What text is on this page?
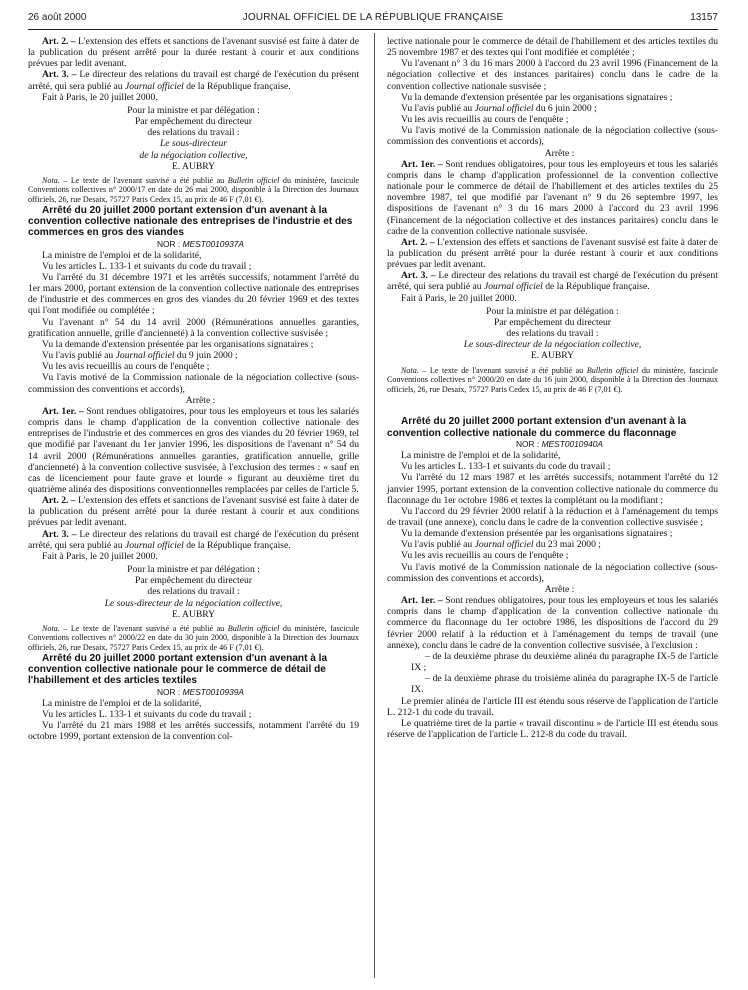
26 août 2000	JOURNAL OFFICIEL DE LA RÉPUBLIQUE FRANÇAISE	13157

Art. 2. – L'extension des effets et sanctions de l'avenant susvisé est faite à dater de la publication du présent arrêté pour la durée restant à courir et aux conditions prévues par ledit avenant.

Art. 3. – Le directeur des relations du travail est chargé de l'exécution du présent arrêté, qui sera publié au Journal officiel de la République française.

Fait à Paris, le 20 juillet 2000.

Pour la ministre et par délégation :

Par empêchement du directeur

des relations du travail :

Le sous-directeur

de la négociation collective,

E. AUBRY

Nota. – Le texte de l'avenant susvisé a été publié au Bulletin officiel du ministère, fascicule Conventions collectives n° 2000/17 en date du 26 mai 2000, disponible à la Direction des Journaux officiels, 26, rue Desaix, 75727 Paris Cedex 15, au prix de 46 F (7,01 €).

Arrêté du 20 juillet 2000 portant extension d'un avenant à la convention collective nationale des entreprises de l'industrie et des commerces en gros des viandes

NOR : MEST0010937A

La ministre de l'emploi et de la solidarité,

Vu les articles L. 133-1 et suivants du code du travail ;

Vu l'arrêté du 31 décembre 1971 et les arrêtés successifs, notamment l'arrêté du 1er mars 2000, portant extension de la convention collective nationale des entreprises de l'industrie et des commerces en gros des viandes du 20 février 1969 et des textes qui l'ont modifiée ou complétée ;

Vu l'avenant n° 54 du 14 avril 2000 (Rémunérations annuelles garanties, gratification annuelle, grille d'ancienneté) à la convention collective susvisée ;

Vu la demande d'extension présentée par les organisations signataires ;

Vu l'avis publié au Journal officiel du 9 juin 2000 ;

Vu les avis recueillis au cours de l'enquête ;

Vu l'avis motivé de la Commission nationale de la négociation collective (sous-commission des conventions et accords),

Arrête :

Art. 1er. – Sont rendues obligatoires, pour tous les employeurs et tous les salariés compris dans le champ d'application de la convention collective nationale des entreprises de l'industrie et des commerces en gros des viandes du 20 février 1969, tel que modifié par l'avenant du 1er janvier 1996, les dispositions de l'avenant n° 54 du 14 avril 2000 (Rémunérations annuelles garanties, gratification annuelle, grille d'ancienneté) à la convention collective susvisée, à l'exclusion des termes : « sauf en cas de licenciement pour faute grave et lourde » figurant au deuxième tiret du quatrième alinéa des dispositions conventionnelles remplacées par celles de l'article 5.

Art. 2. – L'extension des effets et sanctions de l'avenant susvisé est faite à dater de la publication du présent arrêté pour la durée restant à courir et aux conditions prévues par ledit avenant.

Art. 3. – Le directeur des relations du travail est chargé de l'exécution du présent arrêté, qui sera publié au Journal officiel de la République française.

Fait à Paris, le 20 juillet 2000.

Pour la ministre et par délégation :

Par empêchement du directeur

des relations du travail :

Le sous-directeur de la négociation collective,

E. AUBRY

Nota. – Le texte de l'avenant susvisé a été publié au Bulletin officiel du ministère, fascicule Conventions collectives n° 2000/22 en date du 30 juin 2000, disponible à la Direction des Journaux officiels, 26, rue Desaix, 75727 Paris Cedex 15, au prix de 46 F (7,01 €).

Arrêté du 20 juillet 2000 portant extension d'un avenant à la convention collective nationale pour le commerce de détail de l'habillement et des articles textiles

NOR : MEST0010939A

La ministre de l'emploi et de la solidarité,

Vu les articles L. 133-1 et suivants du code du travail ;

Vu l'arrêté du 21 mars 1988 et les arrêtés successifs, notamment l'arrêté du 19 octobre 1999, portant extension de la convention col-

lective nationale pour le commerce de détail de l'habillement et des articles textiles du 25 novembre 1987 et des textes qui l'ont modifiée et complétée ;

Vu l'avenant n° 3 du 16 mars 2000 à l'accord du 23 avril 1996 (Financement de la négociation collective et des instances paritaires) conclu dans le cadre de la convention collective nationale susvisée ;

Vu la demande d'extension présentée par les organisations signataires ;

Vu l'avis publié au Journal officiel du 6 juin 2000 ;

Vu les avis recueillis au cours de l'enquête ;

Vu l'avis motivé de la Commission nationale de la négociation collective (sous-commission des conventions et accords),

Arrête :

Art. 1er. – Sont rendues obligatoires, pour tous les employeurs et tous les salariés compris dans le champ d'application professionnel de la convention collective nationale pour le commerce de détail de l'habillement et des articles textiles du 25 novembre 1987, tel que modifié par l'avenant n° 9 du 26 septembre 1997, les dispositions de l'avenant n° 3 du 16 mars 2000 à l'accord du 23 avril 1996 (Financement de la négociation collective et des instances paritaires) conclu dans le cadre de la convention collective nationale susvisée.

Art. 2. – L'extension des effets et sanctions de l'avenant susvisé est faite à dater de la publication du présent arrêté pour la durée restant à courir et aux conditions prévues par ledit avenant.

Art. 3. – Le directeur des relations du travail est chargé de l'exécution du présent arrêté, qui sera publié au Journal officiel de la République française.

Fait à Paris, le 20 juillet 2000.

Pour la ministre et par délégation :

Par empêchement du directeur

des relations du travail :

Le sous-directeur de la négociation collective,

E. AUBRY

Nota. – Le texte de l'avenant susvisé a été publié au Bulletin officiel du ministère, fascicule Conventions collectives n° 2000/20 en date du 16 juin 2000, disponible à la Direction des Journaux officiels, 26, rue Desaix, 75727 Paris Cedex 15, au prix de 46 F (7,01 €).

Arrêté du 20 juillet 2000 portant extension d'un avenant à la convention collective nationale du commerce du flaconnage

NOR : MEST0010940A

La ministre de l'emploi et de la solidarité,

Vu les articles L. 133-1 et suivants du code du travail ;

Vu l'arrêté du 12 mars 1987 et les arrêtés successifs, notamment l'arrêté du 12 janvier 1995, portant extension de la convention collective nationale du commerce du flaconnage du 1er octobre 1986 et textes la complétant ou la modifiant ;

Vu l'accord du 29 février 2000 relatif à la réduction et à l'aménagement du temps de travail (une annexe), conclu dans le cadre de la convention collective susvisée ;

Vu la demande d'extension présentée par les organisations signataires ;

Vu l'avis publié au Journal officiel du 23 mai 2000 ;

Vu les avis recueillis au cours de l'enquête ;

Vu l'avis motivé de la Commission nationale de la négociation collective (sous-commission des conventions et accords),

Arrête :

Art. 1er. – Sont rendues obligatoires, pour tous les employeurs et tous les salariés compris dans le champ d'application de la convention collective nationale du commerce du flaconnage du 1er octobre 1986, les dispositions de l'accord du 29 février 2000 relatif à la réduction et à l'aménagement du temps de travail (une annexe), conclu dans le cadre de la convention collective susvisée, à l'exclusion :

– de la deuxième phrase du deuxième alinéa du paragraphe IX-5 de l'article IX ;

– de la deuxième phrase du troisième alinéa du paragraphe IX-5 de l'article IX.

Le premier alinéa de l'article III est étendu sous réserve de l'application de l'article L. 212-1 du code du travail.

Le quatrième tiret de la partie « travail discontinu » de l'article III est étendu sous réserve de l'application de l'article L. 212-8 du code du travail.
